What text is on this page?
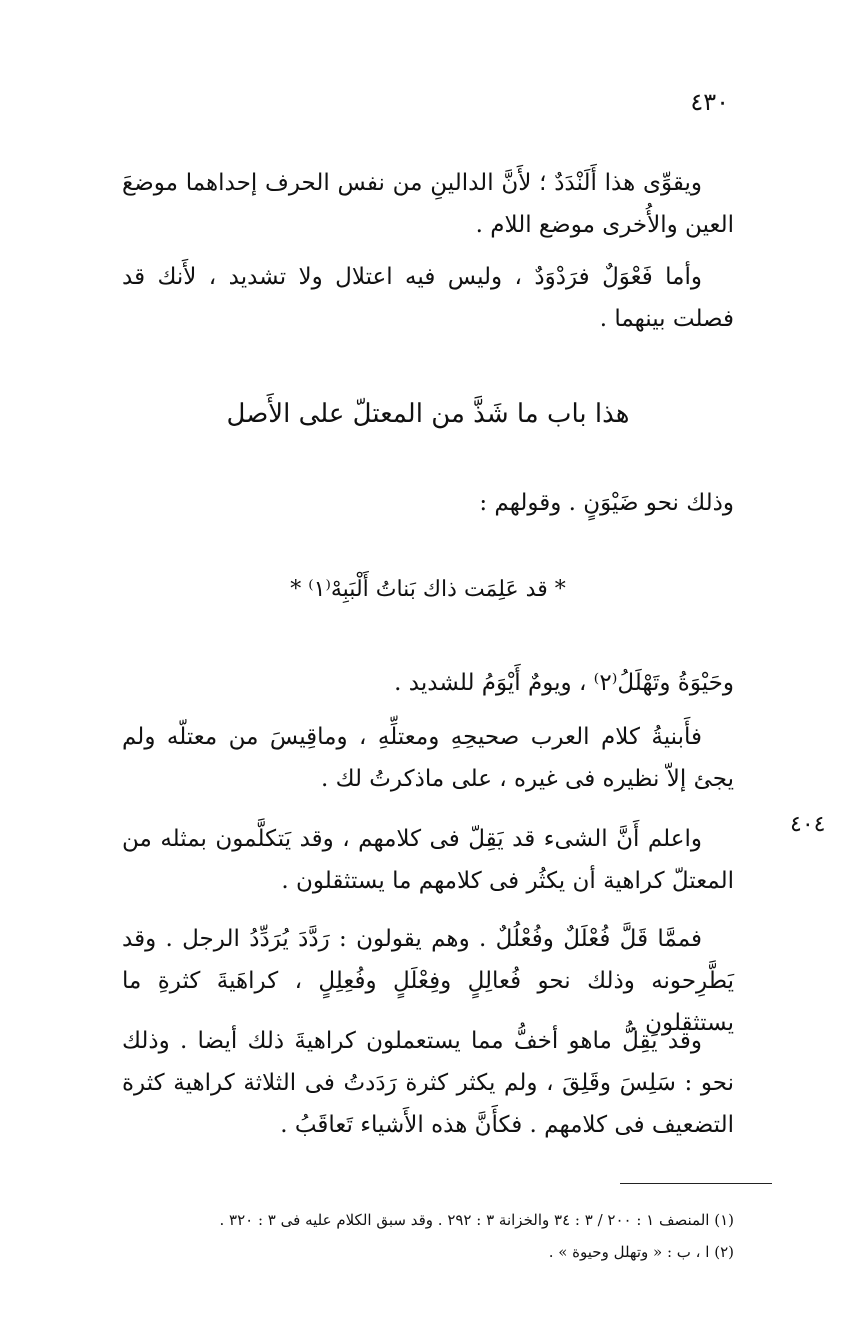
٤٣٠

ويقوِّى هذا أَلَنْدَدٌ ؛ لأَنَّ الدالينِ من نفس الحرف إحداهما موضعَ العين والأُخرى موضع اللام .

وأما فَعْوَلٌ فرَدْوَدٌ ، وليس فيه اعتلال ولا تشديد ، لأَنك قد فصلت بينهما .

هذا باب ما شَذَّ من المعتلّ على الأَصل

وذلك نحو ضَيْوَنٍ . وقولهم :

* قد عَلِمَت ذاك بَناتُ أَلْبَبِهْ⁽١⁾ *

وحَيْوَةُ وتَهْلَلُ⁽٢⁾ ، ويومٌ أَيْوَمُ للشديد .

فأَبنيةُ كلام العرب صحيحِهِ ومعتلِّهِ ، وماقِيسَ من معتلّه ولم يجئ إلاّ نظيره فى غيره ، على ماذكرتُ لك .

٤٠٤

واعلم أَنَّ الشىء قد يَقِلّ فى كلامهم ، وقد يَتكلَّمون بمثله من المعتلّ كراهية أن يكثُر فى كلامهم ما يستثقلون .

فممَّا قَلَّ فُعْلَلٌ وفُعْلُلٌ . وهم يقولون : رَدَّدَ يُرَدِّدُ الرجل . وقد يَطَّرِحونه وذلك نحو فُعالِلٍ وفِعْلَلٍ وفُعِلِلٍ ، كراهَيةَ كثرةِ ما يستثقلون .

وقد يَقِلُّ ماهو أخفُّ مما يستعملون كراهيةَ ذلك أيضا . وذلك نحو : سَلِسَ وقَلِقَ ، ولم يكثر كثرة رَدَدتُ فى الثلاثة كراهية كثرة التضعيف فى كلامهم . فكأَنَّ هذه الأَشياء تَعاقَبُ .

(١) المنصف ١ : ٢٠٠ / ٣ : ٣٤ والخزانة ٣ : ٢٩٢ . وقد سبق الكلام عليه فى ٣ : ٣٢٠ .

(٢) ا ، ب : « وتهلل وحيوة » .
